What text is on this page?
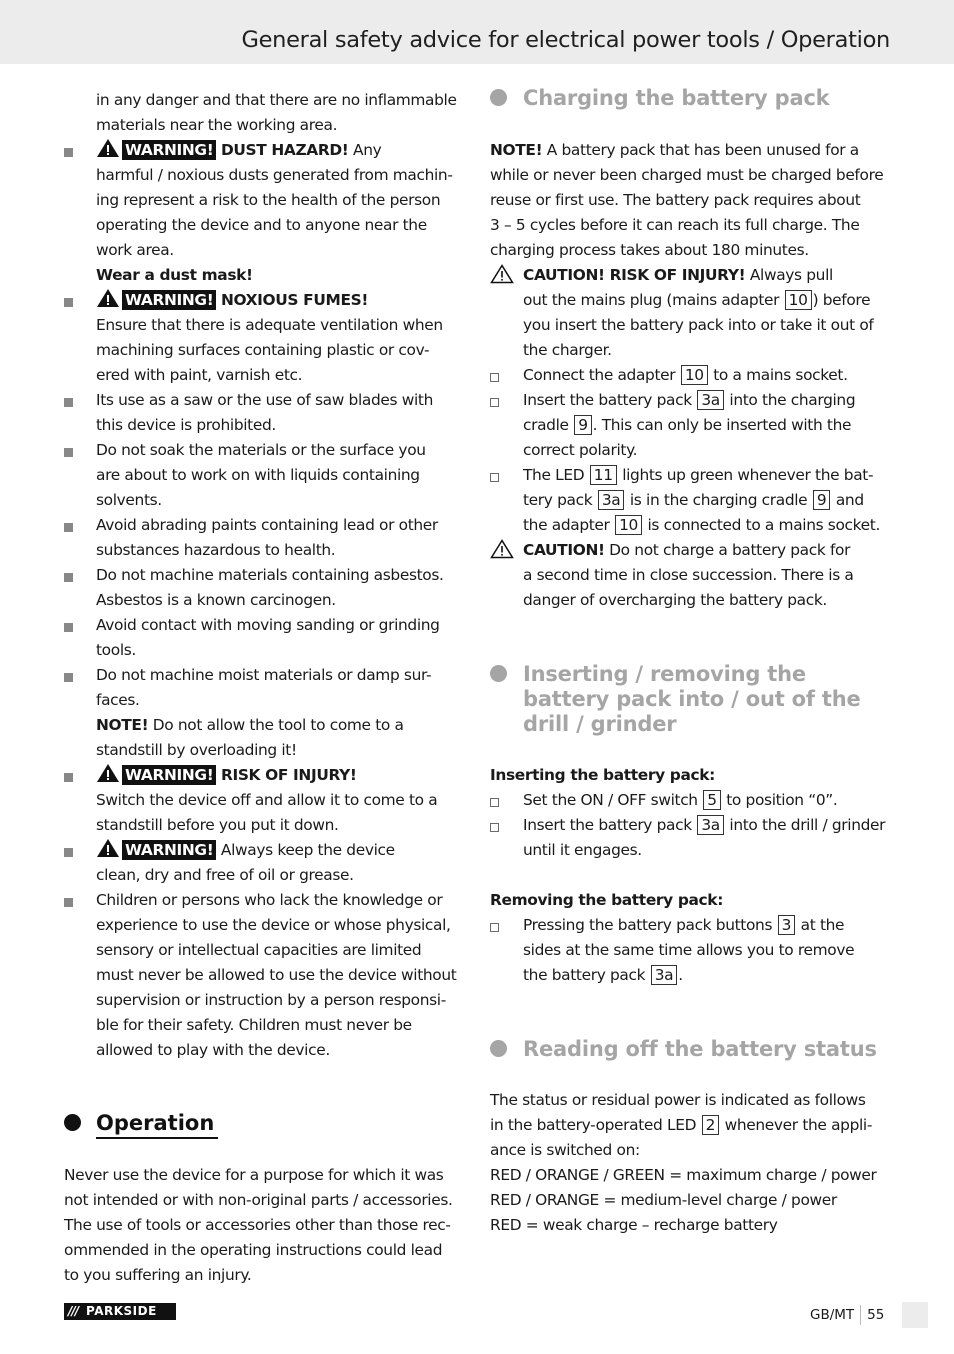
General safety advice for electrical power tools / Operation
in any danger and that there are no inflammable
materials near the working area.
WARNING! DUST HAZARD! Any
harmful / noxious dusts generated from machin-
ing represent a risk to the health of the person
operating the device and to anyone near the
work area.
Wear a dust mask!
WARNING! NOXIOUS FUMES!
Ensure that there is adequate ventilation when
machining surfaces containing plastic or cov-
ered with paint, varnish etc.
Its use as a saw or the use of saw blades with
this device is prohibited.
Do not soak the materials or the surface you
are about to work on with liquids containing
solvents.
Avoid abrading paints containing lead or other
substances hazardous to health.
Do not machine materials containing asbestos.
Asbestos is a known carcinogen.
Avoid contact with moving sanding or grinding
tools.
Do not machine moist materials or damp sur-
faces.
NOTE! Do not allow the tool to come to a
standstill by overloading it!
WARNING! RISK OF INJURY!
Switch the device off and allow it to come to a
standstill before you put it down.
WARNING! Always keep the device
clean, dry and free of oil or grease.
Children or persons who lack the knowledge or
experience to use the device or whose physical,
sensory or intellectual capacities are limited
must never be allowed to use the device without
supervision or instruction by a person responsi-
ble for their safety. Children must never be
allowed to play with the device.
Operation
Never use the device for a purpose for which it was
not intended or with non-original parts / accessories.
The use of tools or accessories other than those rec-
ommended in the operating instructions could lead
to you suffering an injury.
Charging the battery pack
NOTE! A battery pack that has been unused for a
while or never been charged must be charged before
reuse or first use. The battery pack requires about
3 – 5 cycles before it can reach its full charge. The
charging process takes about 180 minutes.
CAUTION! RISK OF INJURY! Always pull
out the mains plug (mains adapter 10 ) before
you insert the battery pack into or take it out of
the charger.
Connect the adapter 10 to a mains socket.
Insert the battery pack 3a into the charging
cradle 9 . This can only be inserted with the
correct polarity.
The LED 11 lights up green whenever the bat-
tery pack 3a is in the charging cradle 9 and
the adapter 10 is connected to a mains socket.
CAUTION! Do not charge a battery pack for
a second time in close succession. There is a
danger of overcharging the battery pack.
Inserting / removing the
battery pack into / out of the
drill / grinder
Inserting the battery pack:
Set the ON / OFF switch 5 to position “0”.
Insert the battery pack 3a into the drill / grinder
until it engages.
Removing the battery pack:
Pressing the battery pack buttons 3 at the
sides at the same time allows you to remove
the battery pack 3a .
Reading off the battery status
The status or residual power is indicated as follows
in the battery-operated LED 2 whenever the appli-
ance is switched on:
RED / ORANGE / GREEN = maximum charge / power
RED / ORANGE = medium-level charge / power
RED = weak charge – recharge battery
/// PARKSIDE	GB/MT 55
